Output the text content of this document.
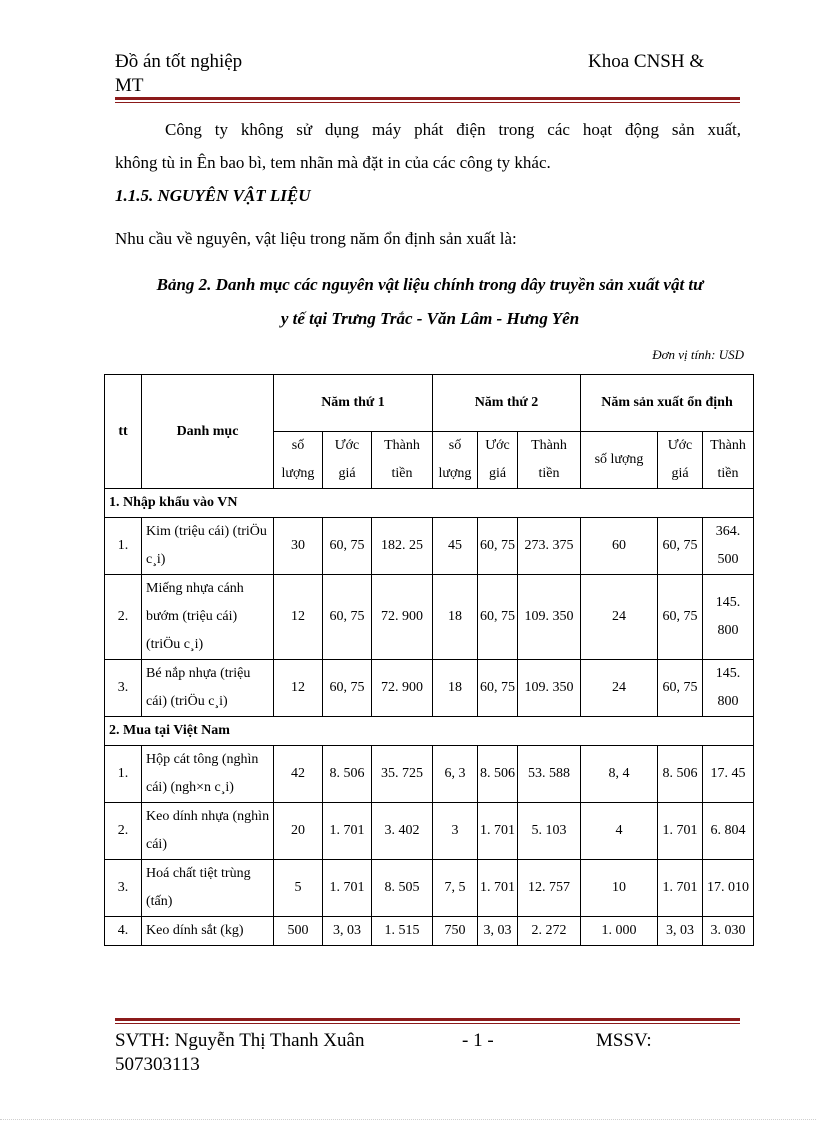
Đồ án tốt nghiệp	Khoa CNSH &
MT
Công ty không sử dụng máy phát điện trong các hoạt động sản xuất,
không tù in Ên bao bì, tem nhãn mà đặt in của các công ty khác.
1.1.5. NGUYÊN VẬT LIỆU
Nhu cầu về nguyên, vật liệu trong năm ổn định sản xuất là:
Bảng 2. Danh mục các nguyên vật liệu chính trong dây truyền sản xuất vật tư
y tế tại Trưng Trắc - Văn Lâm - Hưng Yên
Đơn vị tính: USD
tt	Danh mục	Năm thứ 1			Năm thứ 2			Năm sản xuất ổn định		
		số lượng	Ước giá	Thành tiền	số lượng	Ước giá	Thành tiền	số lượng	Ước giá	Thành tiền
1. Nhập khẩu vào VN										
1.	Kim (triệu cái) (triÖu c¸i)	30	60, 75	182. 25	45	60, 75	273. 375	60	60, 75	364. 500
2.	Miếng nhựa cánh bướm (triệu cái) (triÖu c¸i)	12	60, 75	72. 900	18	60, 75	109. 350	24	60, 75	145. 800
3.	Bé nắp nhựa (triệu cái) (triÖu c¸i)	12	60, 75	72. 900	18	60, 75	109. 350	24	60, 75	145. 800
2. Mua tại Việt Nam										
1.	Hộp cát tông (nghìn cái) (ngh×n c¸i)	42	8. 506	35. 725	6, 3	8. 506	53. 588	8, 4	8. 506	17. 45
2.	Keo dính nhựa (nghìn cái)	20	1. 701	3. 402	3	1. 701	5. 103	4	1. 701	6. 804
3.	Hoá chất tiệt trùng (tấn)	5	1. 701	8. 505	7, 5	1. 701	12. 757	10	1. 701	17. 010
4.	Keo dính sắt (kg)	500	3, 03	1. 515	750	3, 03	2. 272	1. 000	3, 03	3. 030
SVTH: Nguyễn Thị Thanh Xuân	- 1 -	MSSV:
507303113
